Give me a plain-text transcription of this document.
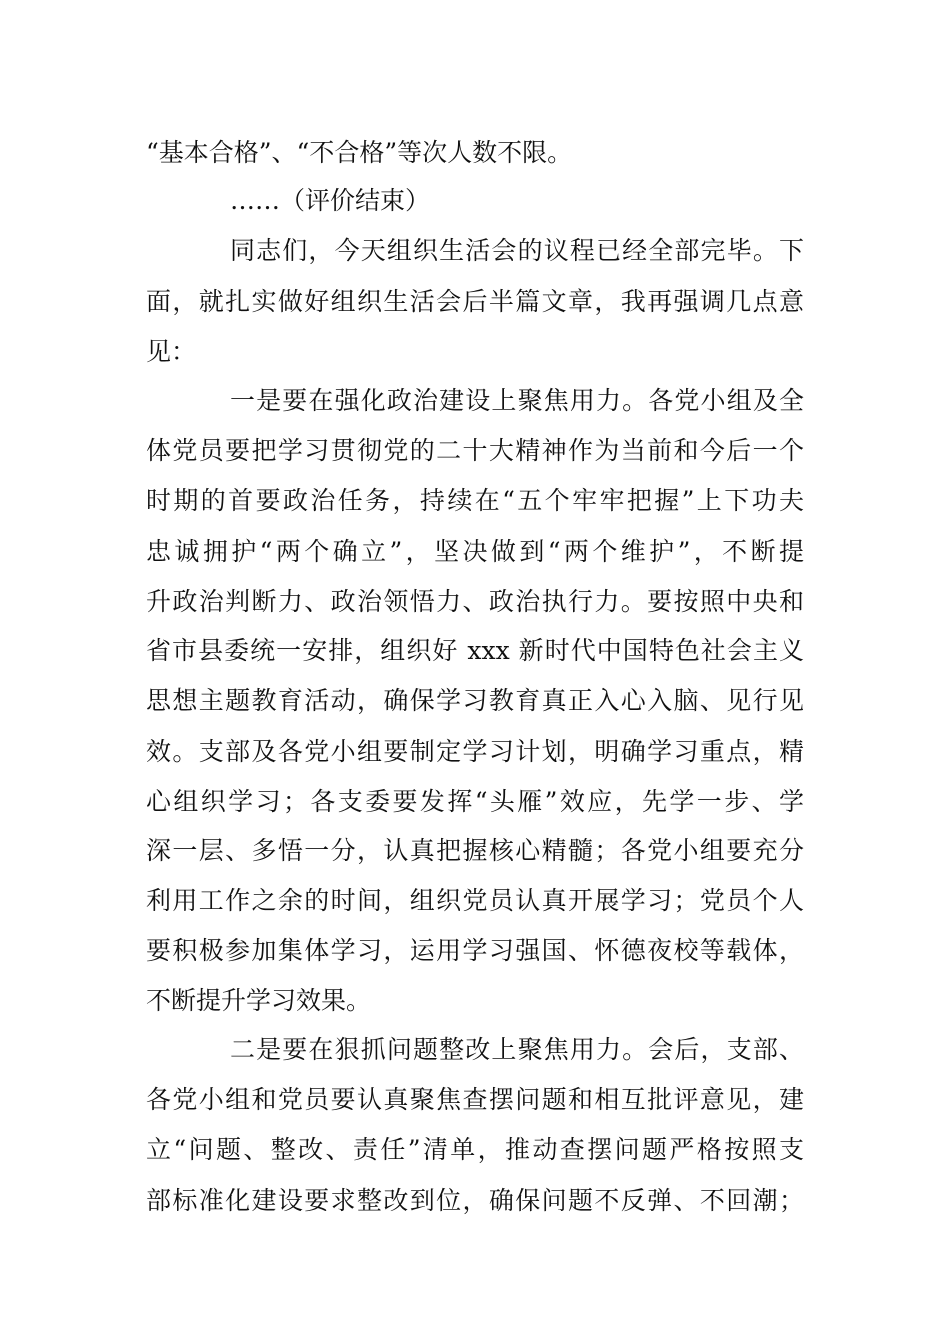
“基本合格”、“不合格”等次人数不限。
……（评价结束）
同志们，今天组织生活会的议程已经全部完毕。下
面，就扎实做好组织生活会后半篇文章，我再强调几点意
见：
一是要在强化政治建设上聚焦用力。各党小组及全
体党员要把学习贯彻党的二十大精神作为当前和今后一个
时期的首要政治任务，持续在“五个牢牢把握”上下功夫
忠诚拥护“两个确立”，坚决做到“两个维护”，不断提
升政治判断力、政治领悟力、政治执行力。要按照中央和
省市县委统一安排，组织好 xxx 新时代中国特色社会主义
思想主题教育活动，确保学习教育真正入心入脑、见行见
效。支部及各党小组要制定学习计划，明确学习重点，精
心组织学习；各支委要发挥“头雁”效应，先学一步、学
深一层、多悟一分，认真把握核心精髓；各党小组要充分
利用工作之余的时间，组织党员认真开展学习；党员个人
要积极参加集体学习，运用学习强国、怀德夜校等载体，
不断提升学习效果。
二是要在狠抓问题整改上聚焦用力。会后，支部、
各党小组和党员要认真聚焦查摆问题和相互批评意见，建
立“问题、整改、责任”清单，推动查摆问题严格按照支
部标准化建设要求整改到位，确保问题不反弹、不回潮；
